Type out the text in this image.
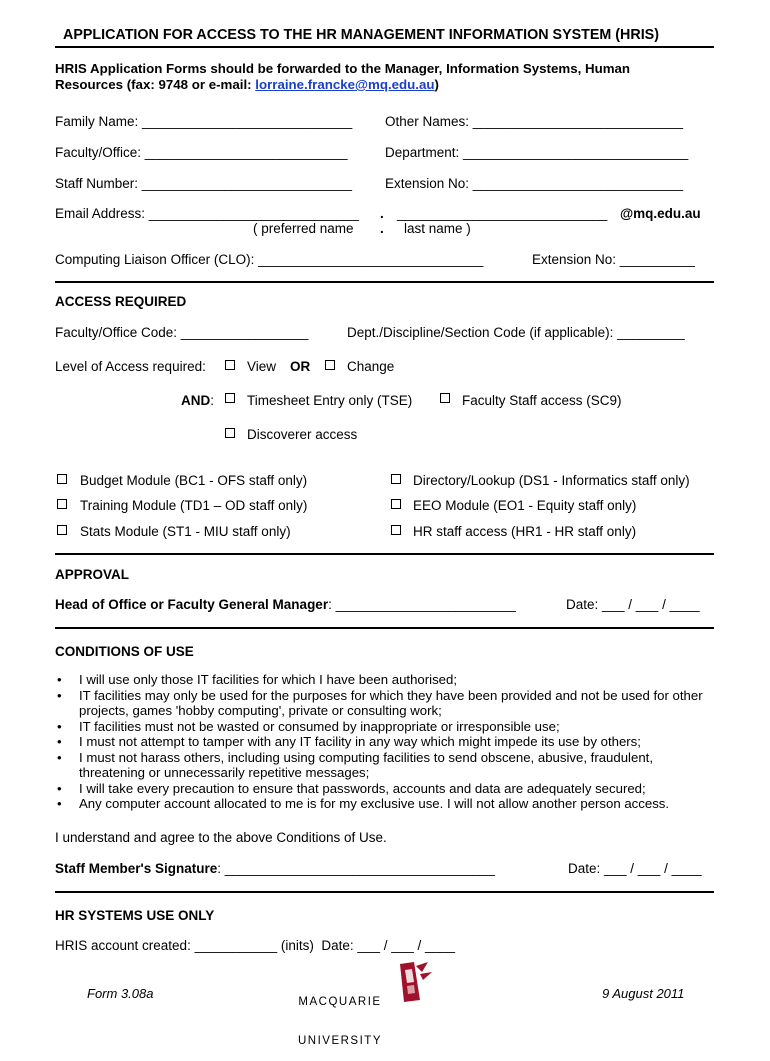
APPLICATION FOR ACCESS TO THE HR MANAGEMENT INFORMATION SYSTEM (HRIS)
HRIS Application Forms should be forwarded to the Manager, Information Systems, Human
Resources (fax: 9748 or e-mail: lorraine.francke@mq.edu.au)
Family Name: ____________________________ Other Names: ____________________________
Faculty/Office: ___________________________	Department: ______________________________
Staff Number: ____________________________ Extension No: ____________________________
Email Address: ____________________________ . ____________________________ @mq.edu.au
( preferred name . last name )
Computing Liaison Officer (CLO): ______________________________	Extension No: __________
ACCESS REQUIRED
Faculty/Office Code: _________________	Dept./Discipline/Section Code (if applicable): _________
Level of Access required:	View OR	Change
AND: Timesheet Entry only (TSE)	Faculty Staff access (SC9)
Discoverer access
Budget Module (BC1 - OFS staff only)	Directory/Lookup (DS1 - Informatics staff only)
Training Module (TD1 – OD staff only)	EEO Module (EO1 - Equity staff only)
Stats Module (ST1 - MIU staff only)	HR staff access (HR1 - HR staff only)
APPROVAL
Head of Office or Faculty General Manager: ________________________	Date: ___ / ___ / ____
CONDITIONS OF USE
• I will use only those IT facilities for which I have been authorised;
• IT facilities may only be used for the purposes for which they have been provided and not be used for other projects, games 'hobby computing', private or consulting work;
• IT facilities must not be wasted or consumed by inappropriate or irresponsible use;
• I must not attempt to tamper with any IT facility in any way which might impede its use by others;
• I must not harass others, including using computing facilities to send obscene, abusive, fraudulent, threatening or unnecessarily repetitive messages;
• I will take every precaution to ensure that passwords, accounts and data are adequately secured;
• Any computer account allocated to me is for my exclusive use. I will not allow another person access.
I understand and agree to the above Conditions of Use.
Staff Member's Signature: ____________________________________	Date: ___ / ___ / ____
HR SYSTEMS USE ONLY
HRIS account created: ___________ (inits)  Date: ___ / ___ / ____
Form 3.08a

MACQUARIE

UNIVERSITY

9 August 2011
